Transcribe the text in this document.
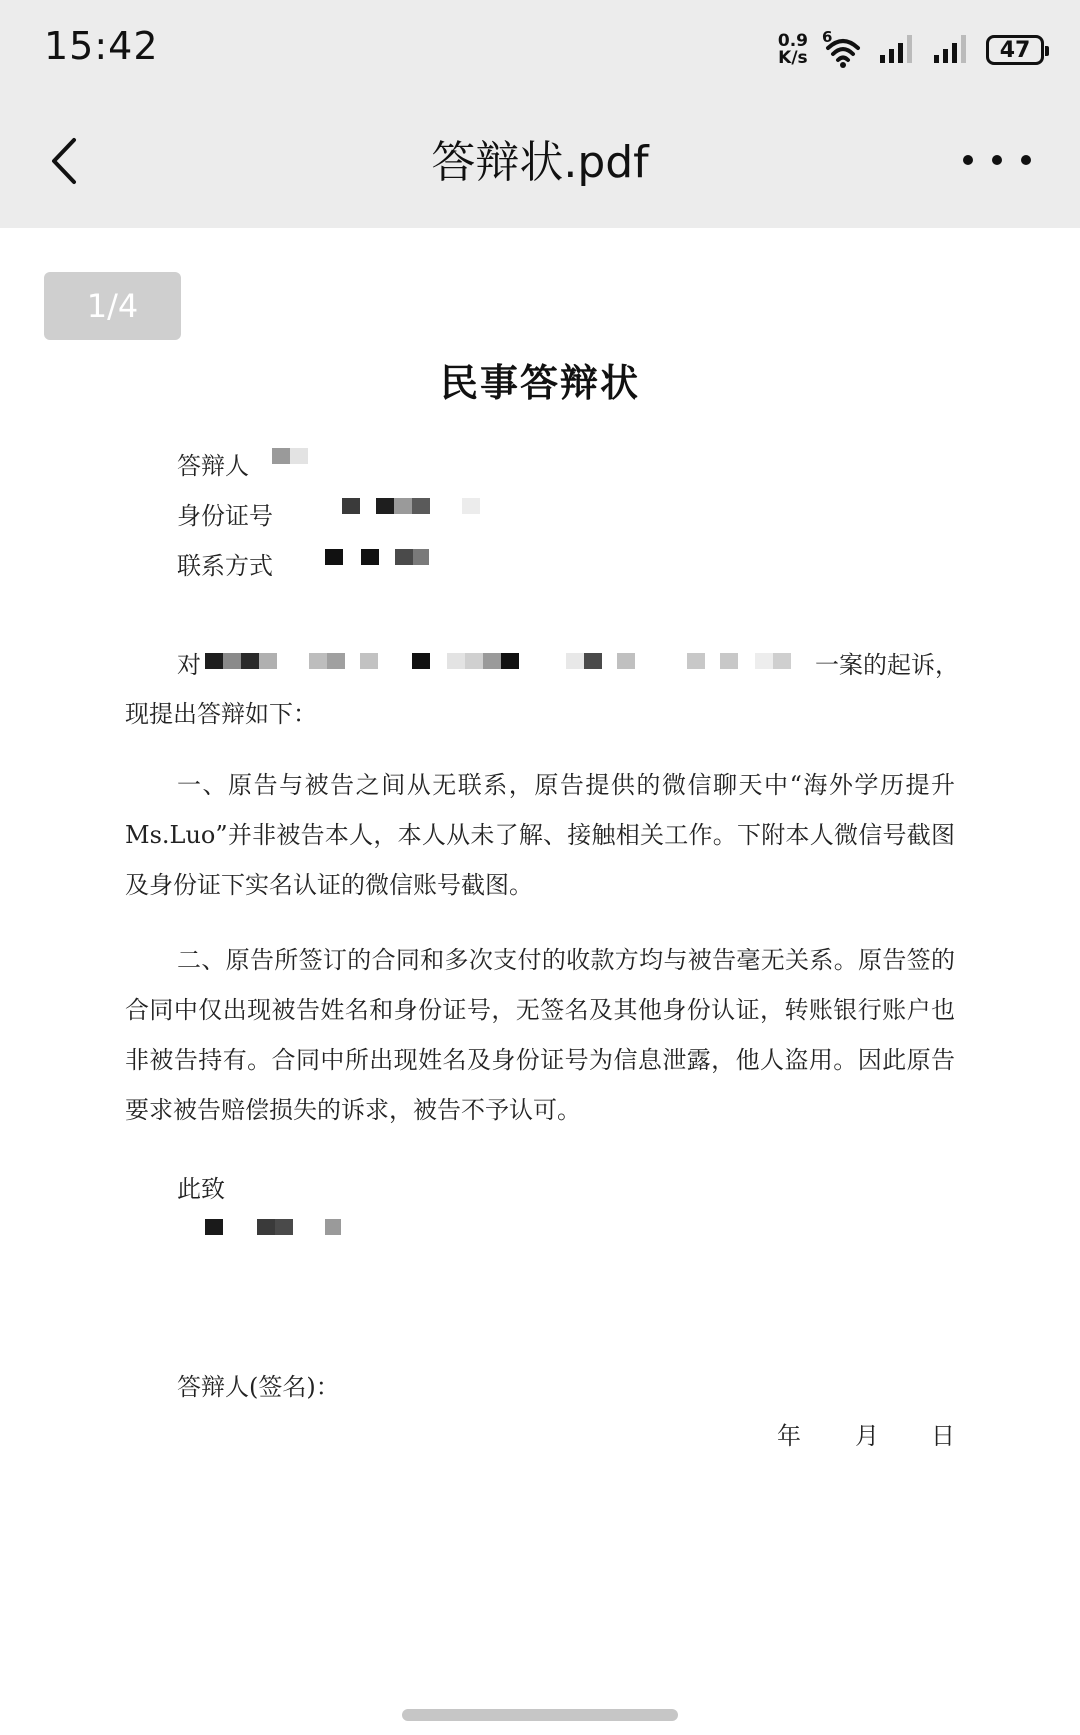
15:42	0.9
K/s
6
47
答辩状.pdf
1/4
民事答辩状
答辩人
身份证号
联系方式
对	一案的起诉，
现提出答辩如下：
一、原告与被告之间从无联系，原告提供的微信聊天中“海外学历提升Ms.Luo”并非被告本人，本人从未了解、接触相关工作。下附本人微信号截图及身份证下实名认证的微信账号截图。
二、原告所签订的合同和多次支付的收款方均与被告毫无关系。原告签的合同中仅出现被告姓名和身份证号，无签名及其他身份认证，转账银行账户也非被告持有。合同中所出现姓名及身份证号为信息泄露，他人盗用。因此原告要求被告赔偿损失的诉求，被告不予认可。
此致
答辩人(签名)：
年 月 日
